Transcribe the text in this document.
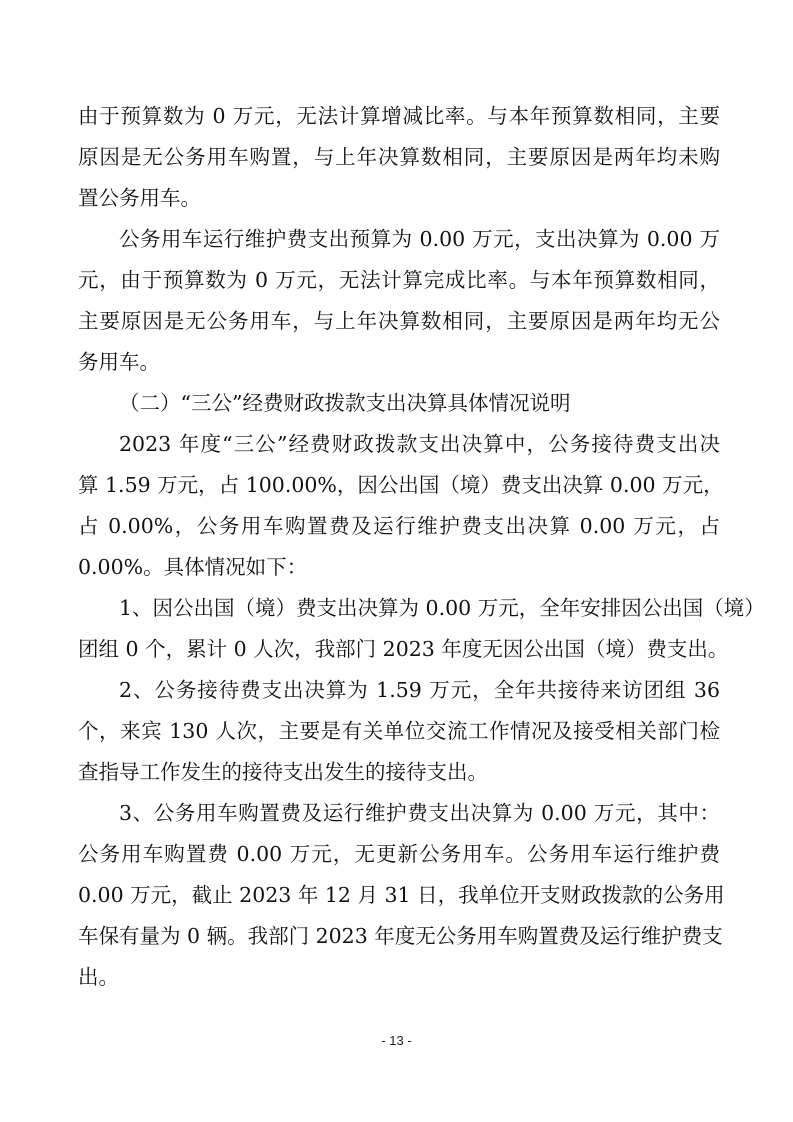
由于预算数为 0 万元，无法计算增减比率。与本年预算数相同，主要
原因是无公务用车购置，与上年决算数相同，主要原因是两年均未购
置公务用车。
公务用车运行维护费支出预算为 0.00 万元，支出决算为 0.00 万
元，由于预算数为 0 万元，无法计算完成比率。与本年预算数相同，
主要原因是无公务用车，与上年决算数相同，主要原因是两年均无公
务用车。
（二）“三公”经费财政拨款支出决算具体情况说明
2023 年度“三公”经费财政拨款支出决算中，公务接待费支出决
算 1.59 万元，占 100.00%，因公出国（境）费支出决算 0.00 万元，
占 0.00%，公务用车购置费及运行维护费支出决算 0.00 万元，占
0.00%。具体情况如下：
1、因公出国（境）费支出决算为 0.00 万元，全年安排因公出国（境）
团组 0 个，累计 0 人次，我部门 2023 年度无因公出国（境）费支出。
2、公务接待费支出决算为 1.59 万元，全年共接待来访团组 36
个，来宾 130 人次，主要是有关单位交流工作情况及接受相关部门检
查指导工作发生的接待支出发生的接待支出。
3、公务用车购置费及运行维护费支出决算为 0.00 万元，其中：
公务用车购置费 0.00 万元，无更新公务用车。公务用车运行维护费
0.00 万元，截止 2023 年 12 月 31 日，我单位开支财政拨款的公务用
车保有量为 0 辆。我部门 2023 年度无公务用车购置费及运行维护费支
出。
- 13 -
